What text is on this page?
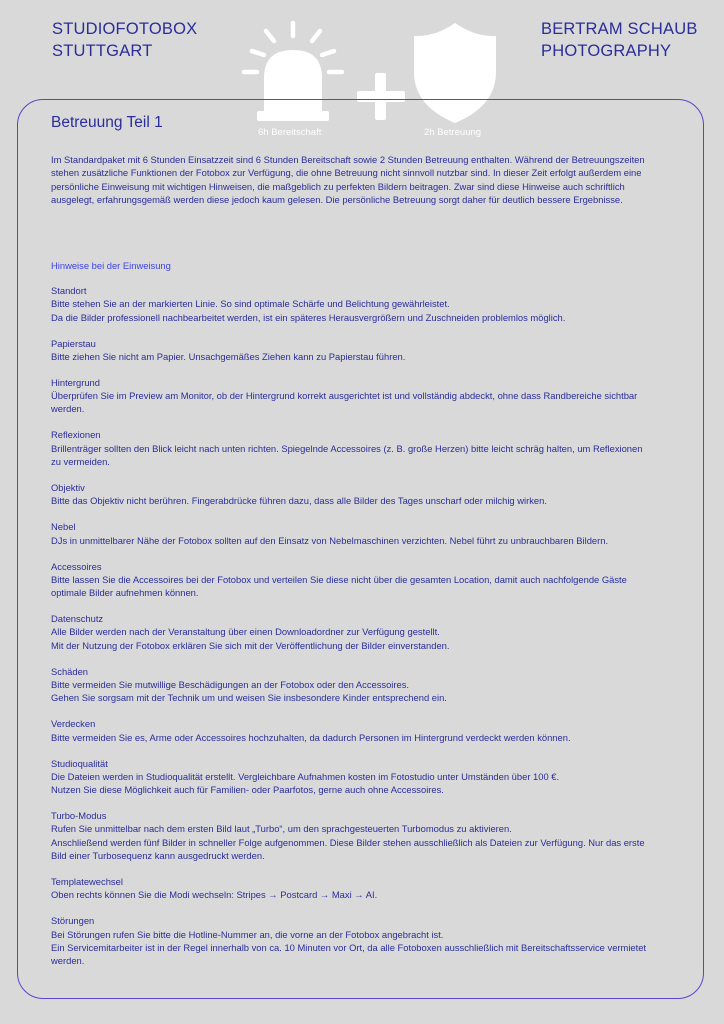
STUDIOFOTOBOX
STUTTGART
BERTRAM SCHAUB
PHOTOGRAPHY
6h Bereitschaft	2h Betreuung
Betreuung Teil 1

Im Standardpaket mit 6 Stunden Einsatzzeit sind 6 Stunden Bereitschaft sowie 2 Stunden Betreuung enthalten. Während der Betreuungszeiten stehen zusätzliche Funktionen der Fotobox zur Verfügung, die ohne Betreuung nicht sinnvoll nutzbar sind. In dieser Zeit erfolgt außerdem eine persönliche Einweisung mit wichtigen Hinweisen, die maßgeblich zu perfekten Bildern beitragen. Zwar sind diese Hinweise auch schriftlich ausgelegt, erfahrungsgemäß werden diese jedoch kaum gelesen. Die persönliche Betreuung sorgt daher für deutlich bessere Ergebnisse.

Hinweise bei der Einweisung
Standort
Bitte stehen Sie an der markierten Linie. So sind optimale Schärfe und Belichtung gewährleistet.
Da die Bilder professionell nachbearbeitet werden, ist ein späteres Herausvergrößern und Zuschneiden problemlos möglich.
Papierstau
Bitte ziehen Sie nicht am Papier. Unsachgemäßes Ziehen kann zu Papierstau führen.
Hintergrund
Überprüfen Sie im Preview am Monitor, ob der Hintergrund korrekt ausgerichtet ist und vollständig abdeckt, ohne dass Randbereiche sichtbar werden.
Reflexionen
Brillenträger sollten den Blick leicht nach unten richten. Spiegelnde Accessoires (z. B. große Herzen) bitte leicht schräg halten, um Reflexionen zu vermeiden.
Objektiv
Bitte das Objektiv nicht berühren. Fingerabdrücke führen dazu, dass alle Bilder des Tages unscharf oder milchig wirken.
Nebel
DJs in unmittelbarer Nähe der Fotobox sollten auf den Einsatz von Nebelmaschinen verzichten. Nebel führt zu unbrauchbaren Bildern.
Accessoires
Bitte lassen Sie die Accessoires bei der Fotobox und verteilen Sie diese nicht über die gesamten Location, damit auch nachfolgende Gäste optimale Bilder aufnehmen können.
Datenschutz
Alle Bilder werden nach der Veranstaltung über einen Downloadordner zur Verfügung gestellt.
Mit der Nutzung der Fotobox erklären Sie sich mit der Veröffentlichung der Bilder einverstanden.
Schäden
Bitte vermeiden Sie mutwillige Beschädigungen an der Fotobox oder den Accessoires.
Gehen Sie sorgsam mit der Technik um und weisen Sie insbesondere Kinder entsprechend ein.
Verdecken
Bitte vermeiden Sie es, Arme oder Accessoires hochzuhalten, da dadurch Personen im Hintergrund verdeckt werden können.
Studioqualität
Die Dateien werden in Studioqualität erstellt. Vergleichbare Aufnahmen kosten im Fotostudio unter Umständen über 100 €.
Nutzen Sie diese Möglichkeit auch für Familien- oder Paarfotos, gerne auch ohne Accessoires.
Turbo-Modus
Rufen Sie unmittelbar nach dem ersten Bild laut „Turbo“, um den sprachgesteuerten Turbomodus zu aktivieren.
Anschließend werden fünf Bilder in schneller Folge aufgenommen. Diese Bilder stehen ausschließlich als Dateien zur Verfügung. Nur das erste Bild einer Turbosequenz kann ausgedruckt werden.
Templatewechsel
Oben rechts können Sie die Modi wechseln: Stripes → Postcard → Maxi → AI.
Störungen
Bei Störungen rufen Sie bitte die Hotline-Nummer an, die vorne an der Fotobox angebracht ist.
Ein Servicemitarbeiter ist in der Regel innerhalb von ca. 10 Minuten vor Ort, da alle Fotoboxen ausschließlich mit Bereitschaftsservice vermietet werden.
